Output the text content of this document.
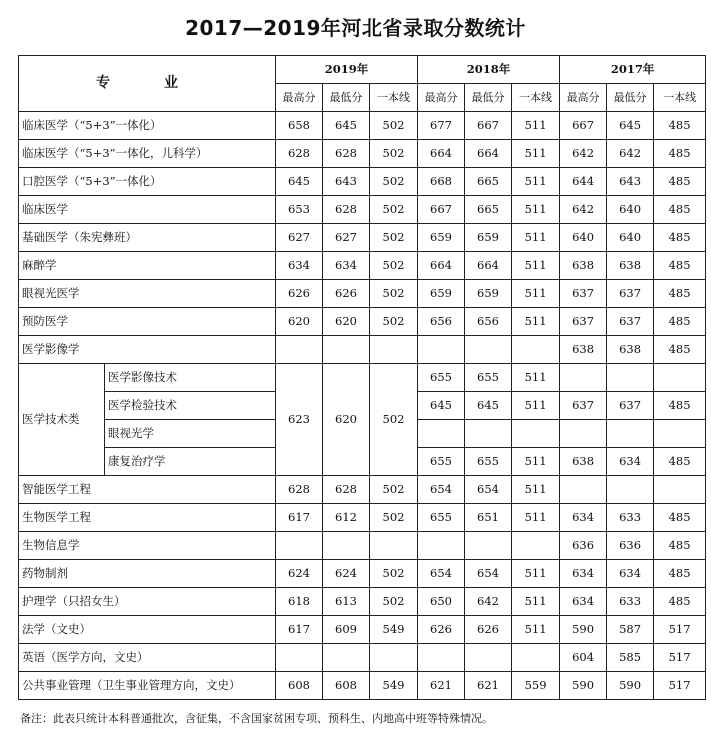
2017—2019年河北省录取分数统计
专　业		2019年			2018年			2017年		
		最高分	最低分	一本线	最高分	最低分	一本线	最高分	最低分	一本线
临床医学（“5+3”一体化）		658	645	502	677	667	511	667	645	485
临床医学（“5+3”一体化，儿科学）		628	628	502	664	664	511	642	642	485
口腔医学（“5+3”一体化）		645	643	502	668	665	511	644	643	485
临床医学		653	628	502	667	665	511	642	640	485
基础医学（朱宪彝班）		627	627	502	659	659	511	640	640	485
麻醉学		634	634	502	664	664	511	638	638	485
眼视光医学		626	626	502	659	659	511	637	637	485
预防医学		620	620	502	656	656	511	637	637	485
医学影像学								638	638	485
医学技术类	医学影像技术	623	620	502	655	655	511			
	医学检验技术				645	645	511	637	637	485
	眼视光学									
	康复治疗学				655	655	511	638	634	485
智能医学工程		628	628	502	654	654	511			
生物医学工程		617	612	502	655	651	511	634	633	485
生物信息学								636	636	485
药物制剂		624	624	502	654	654	511	634	634	485
护理学（只招女生）		618	613	502	650	642	511	634	633	485
法学（文史）		617	609	549	626	626	511	590	587	517
英语（医学方向，文史）								604	585	517
公共事业管理（卫生事业管理方向，文史）		608	608	549	621	621	559	590	590	517
备注：此表只统计本科普通批次，含征集，不含国家贫困专项、预科生、内地高中班等特殊情况。
